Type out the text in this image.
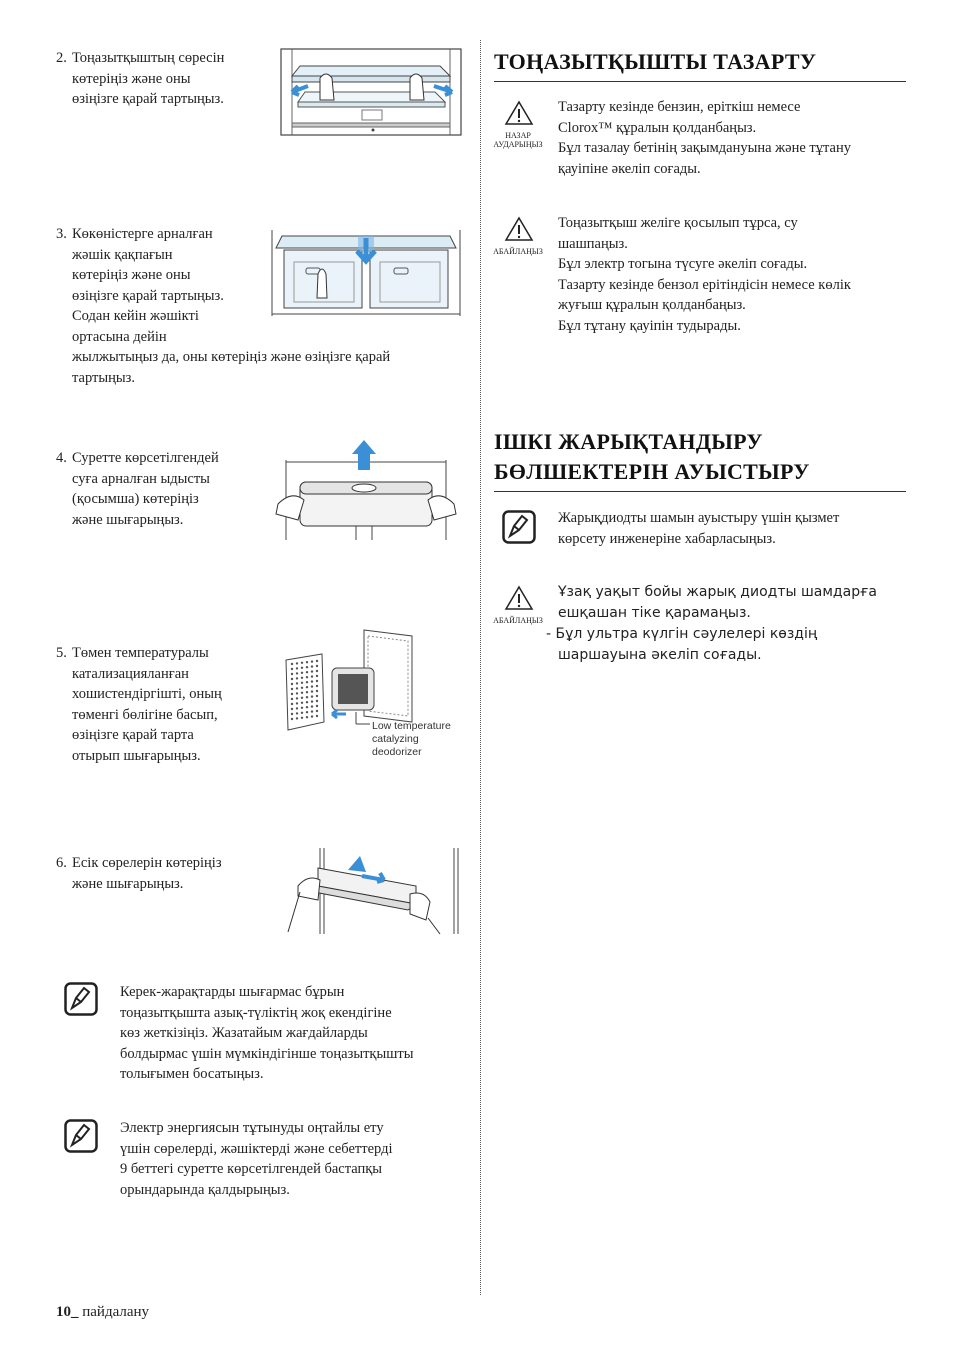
2. Тоңазытқыштың сөресін
көтеріңіз және оны
өзіңізге қарай тартыңыз.
3. Көкөністерге арналған
жәшік қақпағын
көтеріңіз және оны
өзіңізге қарай тартыңыз.
Содан кейін жәшікті
ортасына дейін
жылжытыңыз да, оны көтеріңіз және өзіңізге қарай
тартыңыз.
4. Суретте көрсетілгендей
суға арналған ыдысты
(қосымша) көтеріңіз
және шығарыңыз.
5. Төмен температуралы
катализацияланған
хошистендіргішті, оның
төменгі бөлігіне басып,
өзіңізге қарай тарта
отырып шығарыңыз.
Low temperature
catalyzing
deodorizer
6. Есік сөрелерін көтеріңіз
және шығарыңыз.
Керек-жарақтарды шығармас бұрын
тоңазытқышта азық-түліктің жоқ екендігіне
көз жеткізіңіз. Жазатайым жағдайларды
болдырмас үшін мүмкіндігінше тоңазытқышты
толығымен босатыңыз.
Электр энергиясын тұтынуды оңтайлы ету
үшін сөрелерді, жәшіктерді және себеттерді
9 беттегі суретте көрсетілгендей бастапқы
орындарында қалдырыңыз.
ТОҢАЗЫТҚЫШТЫ ТАЗАРТУ
НАЗАР
АУДАРЫҢЫЗ
Тазарту кезінде бензин, еріткіш немесе
Clorox™ құралын қолданбаңыз.
Бұл тазалау бетінің зақымдануына және тұтану
қауіпіне әкеліп соғады.
АБАЙЛАҢЫЗ
Тоңазытқыш желіге қосылып тұрса, су
шашпаңыз.
Бұл электр тогына түсуге әкеліп соғады.
Тазарту кезінде бензол ерітіндісін немесе көлік
жуғыш құралын қолданбаңыз.
Бұл тұтану қауіпін тудырады.
ІШКІ ЖАРЫҚТАНДЫРУ
БӨЛШЕКТЕРІН АУЫСТЫРУ
Жарықдиодты шамын ауыстыру үшін қызмет
көрсету инженеріне хабарласыңыз.
АБАЙЛАҢЫЗ
Ұзақ уақыт бойы жарық диодты шамдарға
ешқашан тіке қарамаңыз.
- Бұл ультра күлгін сәулелері көздің
шаршауына әкеліп соғады.
10_ пайдалану
